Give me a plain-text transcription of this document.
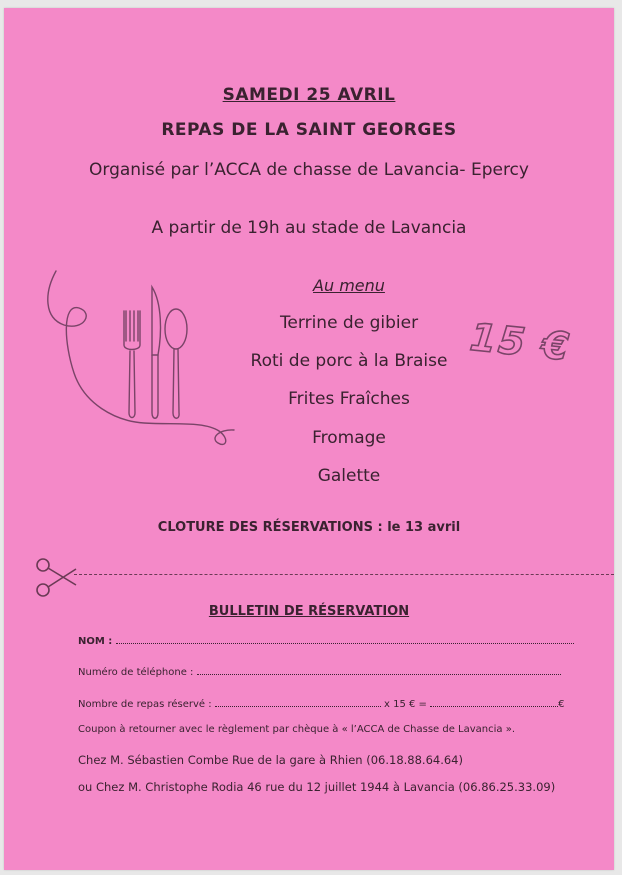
SAMEDI 25 AVRIL
REPAS DE LA SAINT GEORGES
Organisé par l’ACCA de chasse de Lavancia- Epercy
A partir de 19h au stade de Lavancia
Au menu
Terrine de gibier
Roti de porc à la Braise
Frites Fraîches
Fromage
Galette
15 €
CLOTURE DES RÉSERVATIONS : le 13 avril
BULLETIN DE RÉSERVATION
NOM :
Numéro de téléphone :
Nombre de repas réservé :	x 15 € =	€
Coupon à retourner avec le règlement par chèque à « l’ACCA de Chasse de Lavancia ».
Chez M. Sébastien Combe Rue de la gare à Rhien (06.18.88.64.64)
ou Chez M. Christophe Rodia 46 rue du 12 juillet 1944 à Lavancia (06.86.25.33.09)
